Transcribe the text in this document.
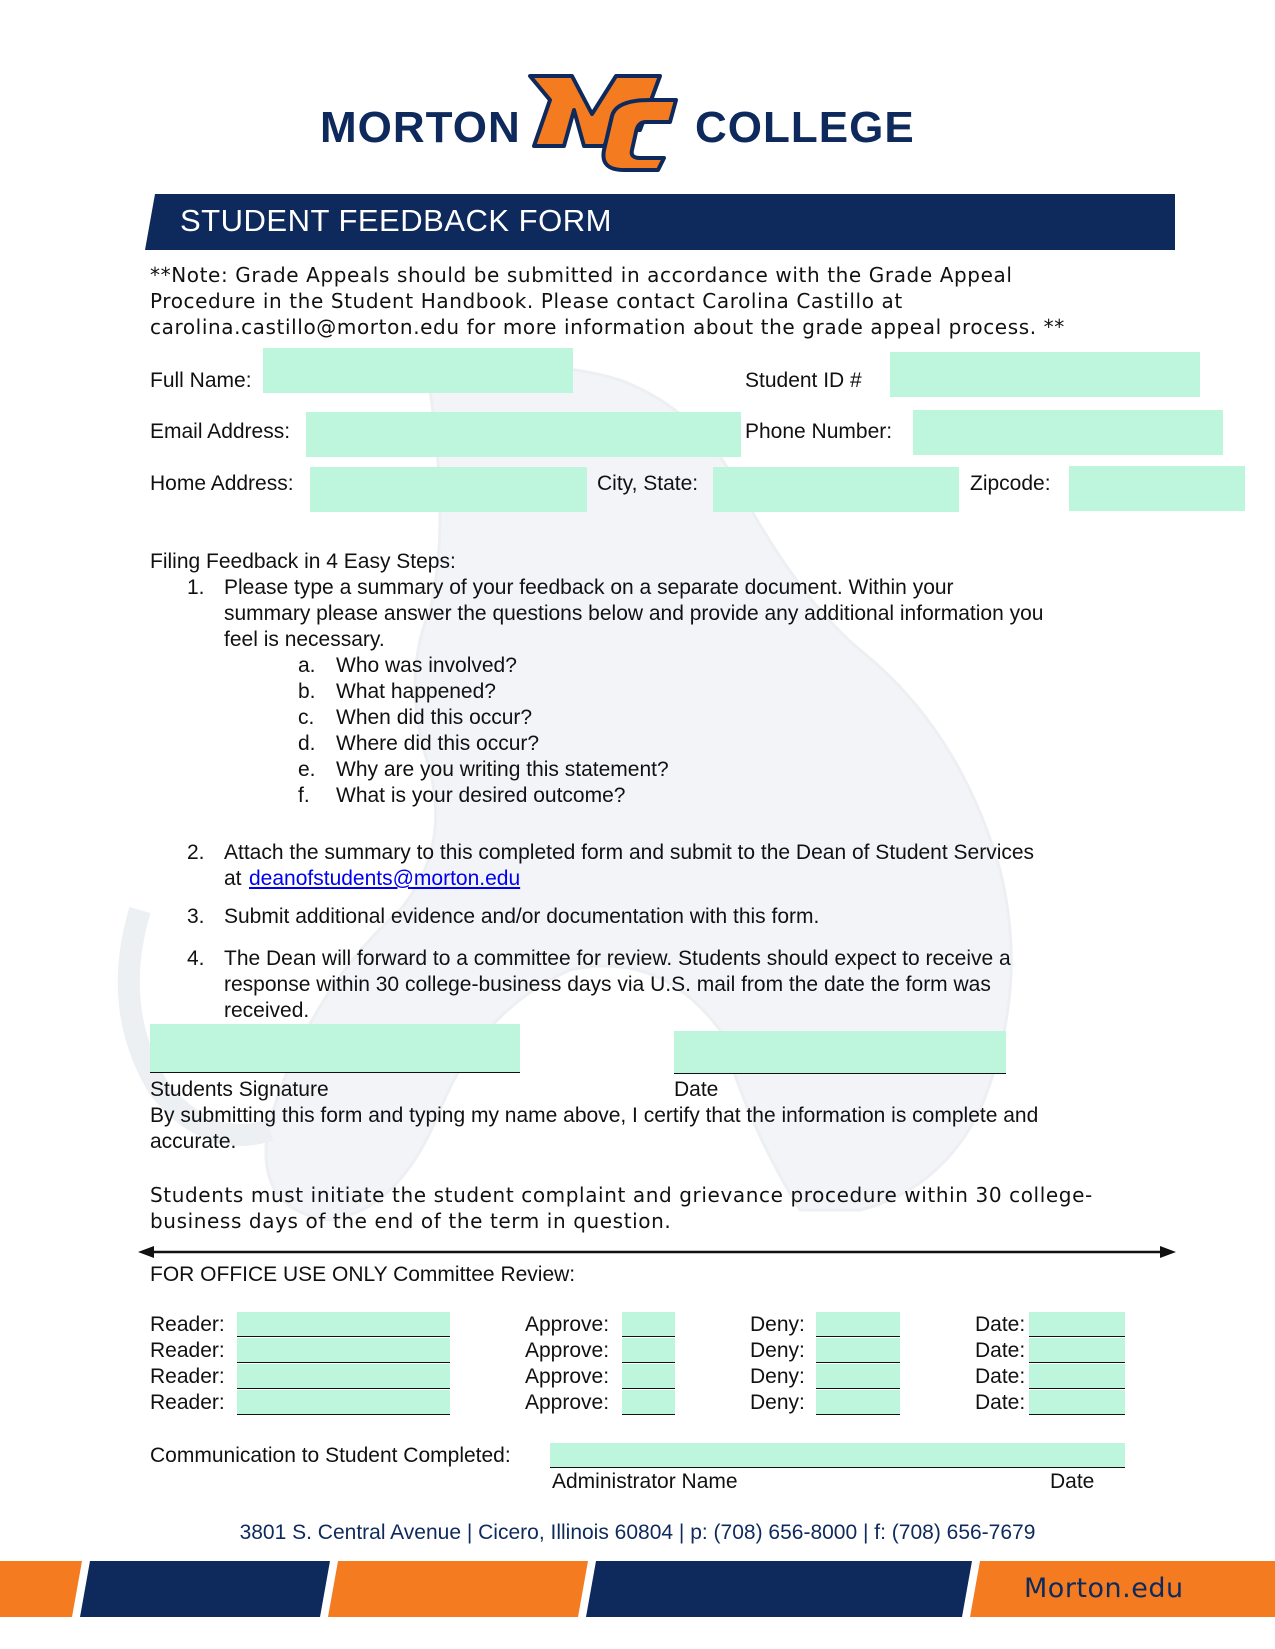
MORTON	COLLEGE
STUDENT FEEDBACK FORM
**Note: Grade Appeals should be submitted in accordance with the Grade Appeal Procedure in the Student Handbook. Please contact Carolina Castillo at carolina.castillo@morton.edu for more information about the grade appeal process. **
Full Name:	Student ID #
Email Address:	Phone Number:
Home Address:	City, State:	Zipcode:
Filing Feedback in 4 Easy Steps:
1. Please type a summary of your feedback on a separate document. Within your
summary please answer the questions below and provide any additional information you
feel is necessary.
a. Who was involved?
b. What happened?
c. When did this occur?
d. Where did this occur?
e. Why are you writing this statement?
f. What is your desired outcome?
2. Attach the summary to this completed form and submit to the Dean of Student Services
at deanofstudents@morton.edu
3. Submit additional evidence and/or documentation with this form.
4. The Dean will forward to a committee for review. Students should expect to receive a
response within 30 college-business days via U.S. mail from the date the form was
received.
Students Signature	Date
By submitting this form and typing my name above, I certify that the information is complete and
accurate.
Students must initiate the student complaint and grievance procedure within 30 college-
business days of the end of the term in question.
FOR OFFICE USE ONLY Committee Review:
Reader:	Approve:	Deny:	Date:
Reader:	Approve:	Deny:	Date:
Reader:	Approve:	Deny:	Date:
Reader:	Approve:	Deny:	Date:
Communication to Student Completed:
Administrator Name	Date
3801 S. Central Avenue | Cicero, Illinois 60804 | p: (708) 656-8000 | f: (708) 656-7679
Morton.edu
